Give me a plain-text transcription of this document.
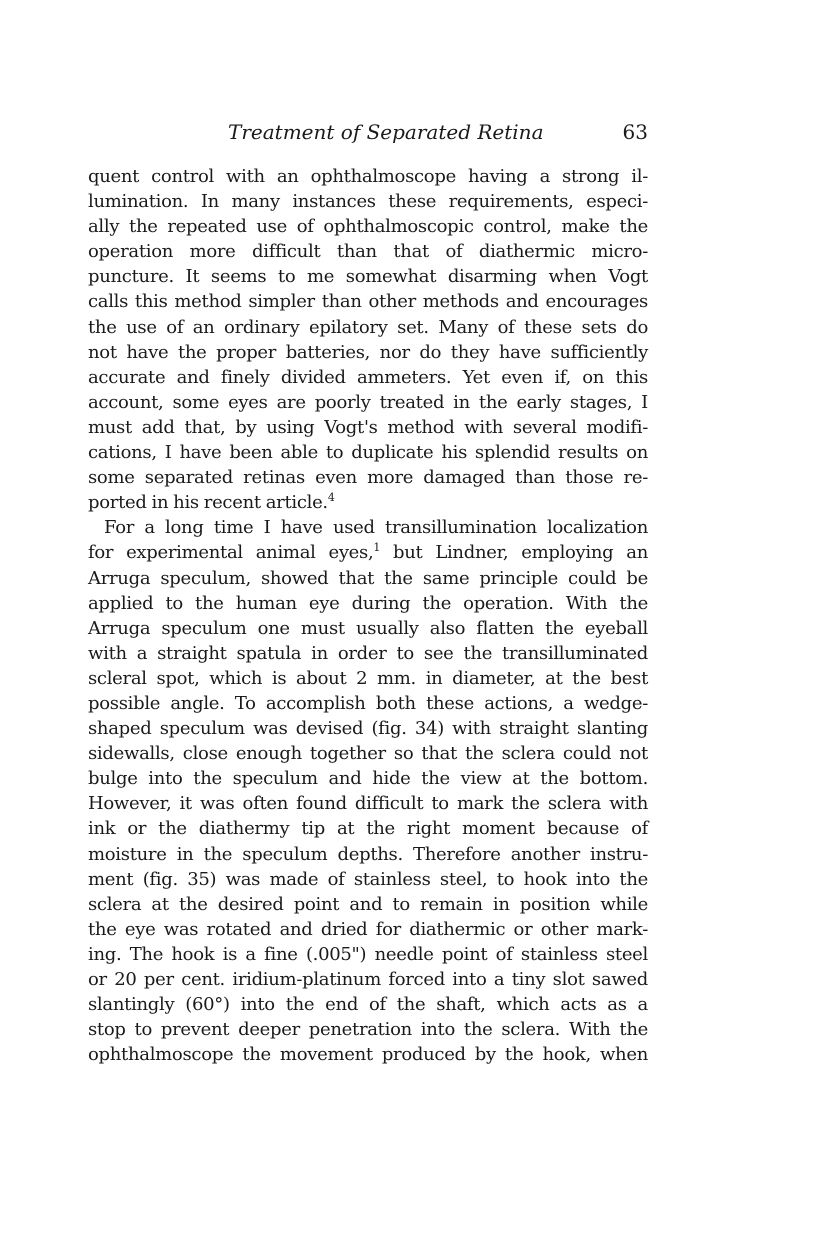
Treatment of Separated Retina	63
quent control with an ophthalmoscope having a strong il-
lumination. In many instances these requirements, especi-
ally the repeated use of ophthalmoscopic control, make the
operation more difficult than that of diathermic micro-
puncture. It seems to me somewhat disarming when Vogt
calls this method simpler than other methods and encourages
the use of an ordinary epilatory set. Many of these sets do
not have the proper batteries, nor do they have sufficiently
accurate and finely divided ammeters. Yet even if, on this
account, some eyes are poorly treated in the early stages, I
must add that, by using Vogt's method with several modifi-
cations, I have been able to duplicate his splendid results on
some separated retinas even more damaged than those re-
ported in his recent article.$^4$
For a long time I have used transillumination localization
for experimental animal eyes,$^1$ but Lindner, employing an
Arruga speculum, showed that the same principle could be
applied to the human eye during the operation. With the
Arruga speculum one must usually also flatten the eyeball
with a straight spatula in order to see the transilluminated
scleral spot, which is about 2 mm. in diameter, at the best
possible angle. To accomplish both these actions, a wedge-
shaped speculum was devised (fig. 34) with straight slanting
sidewalls, close enough together so that the sclera could not
bulge into the speculum and hide the view at the bottom.
However, it was often found difficult to mark the sclera with
ink or the diathermy tip at the right moment because of
moisture in the speculum depths. Therefore another instru-
ment (fig. 35) was made of stainless steel, to hook into the
sclera at the desired point and to remain in position while
the eye was rotated and dried for diathermic or other mark-
ing. The hook is a fine (.005") needle point of stainless steel
or 20 per cent. iridium-platinum forced into a tiny slot sawed
slantingly (60°) into the end of the shaft, which acts as a
stop to prevent deeper penetration into the sclera. With the
ophthalmoscope the movement produced by the hook, when
